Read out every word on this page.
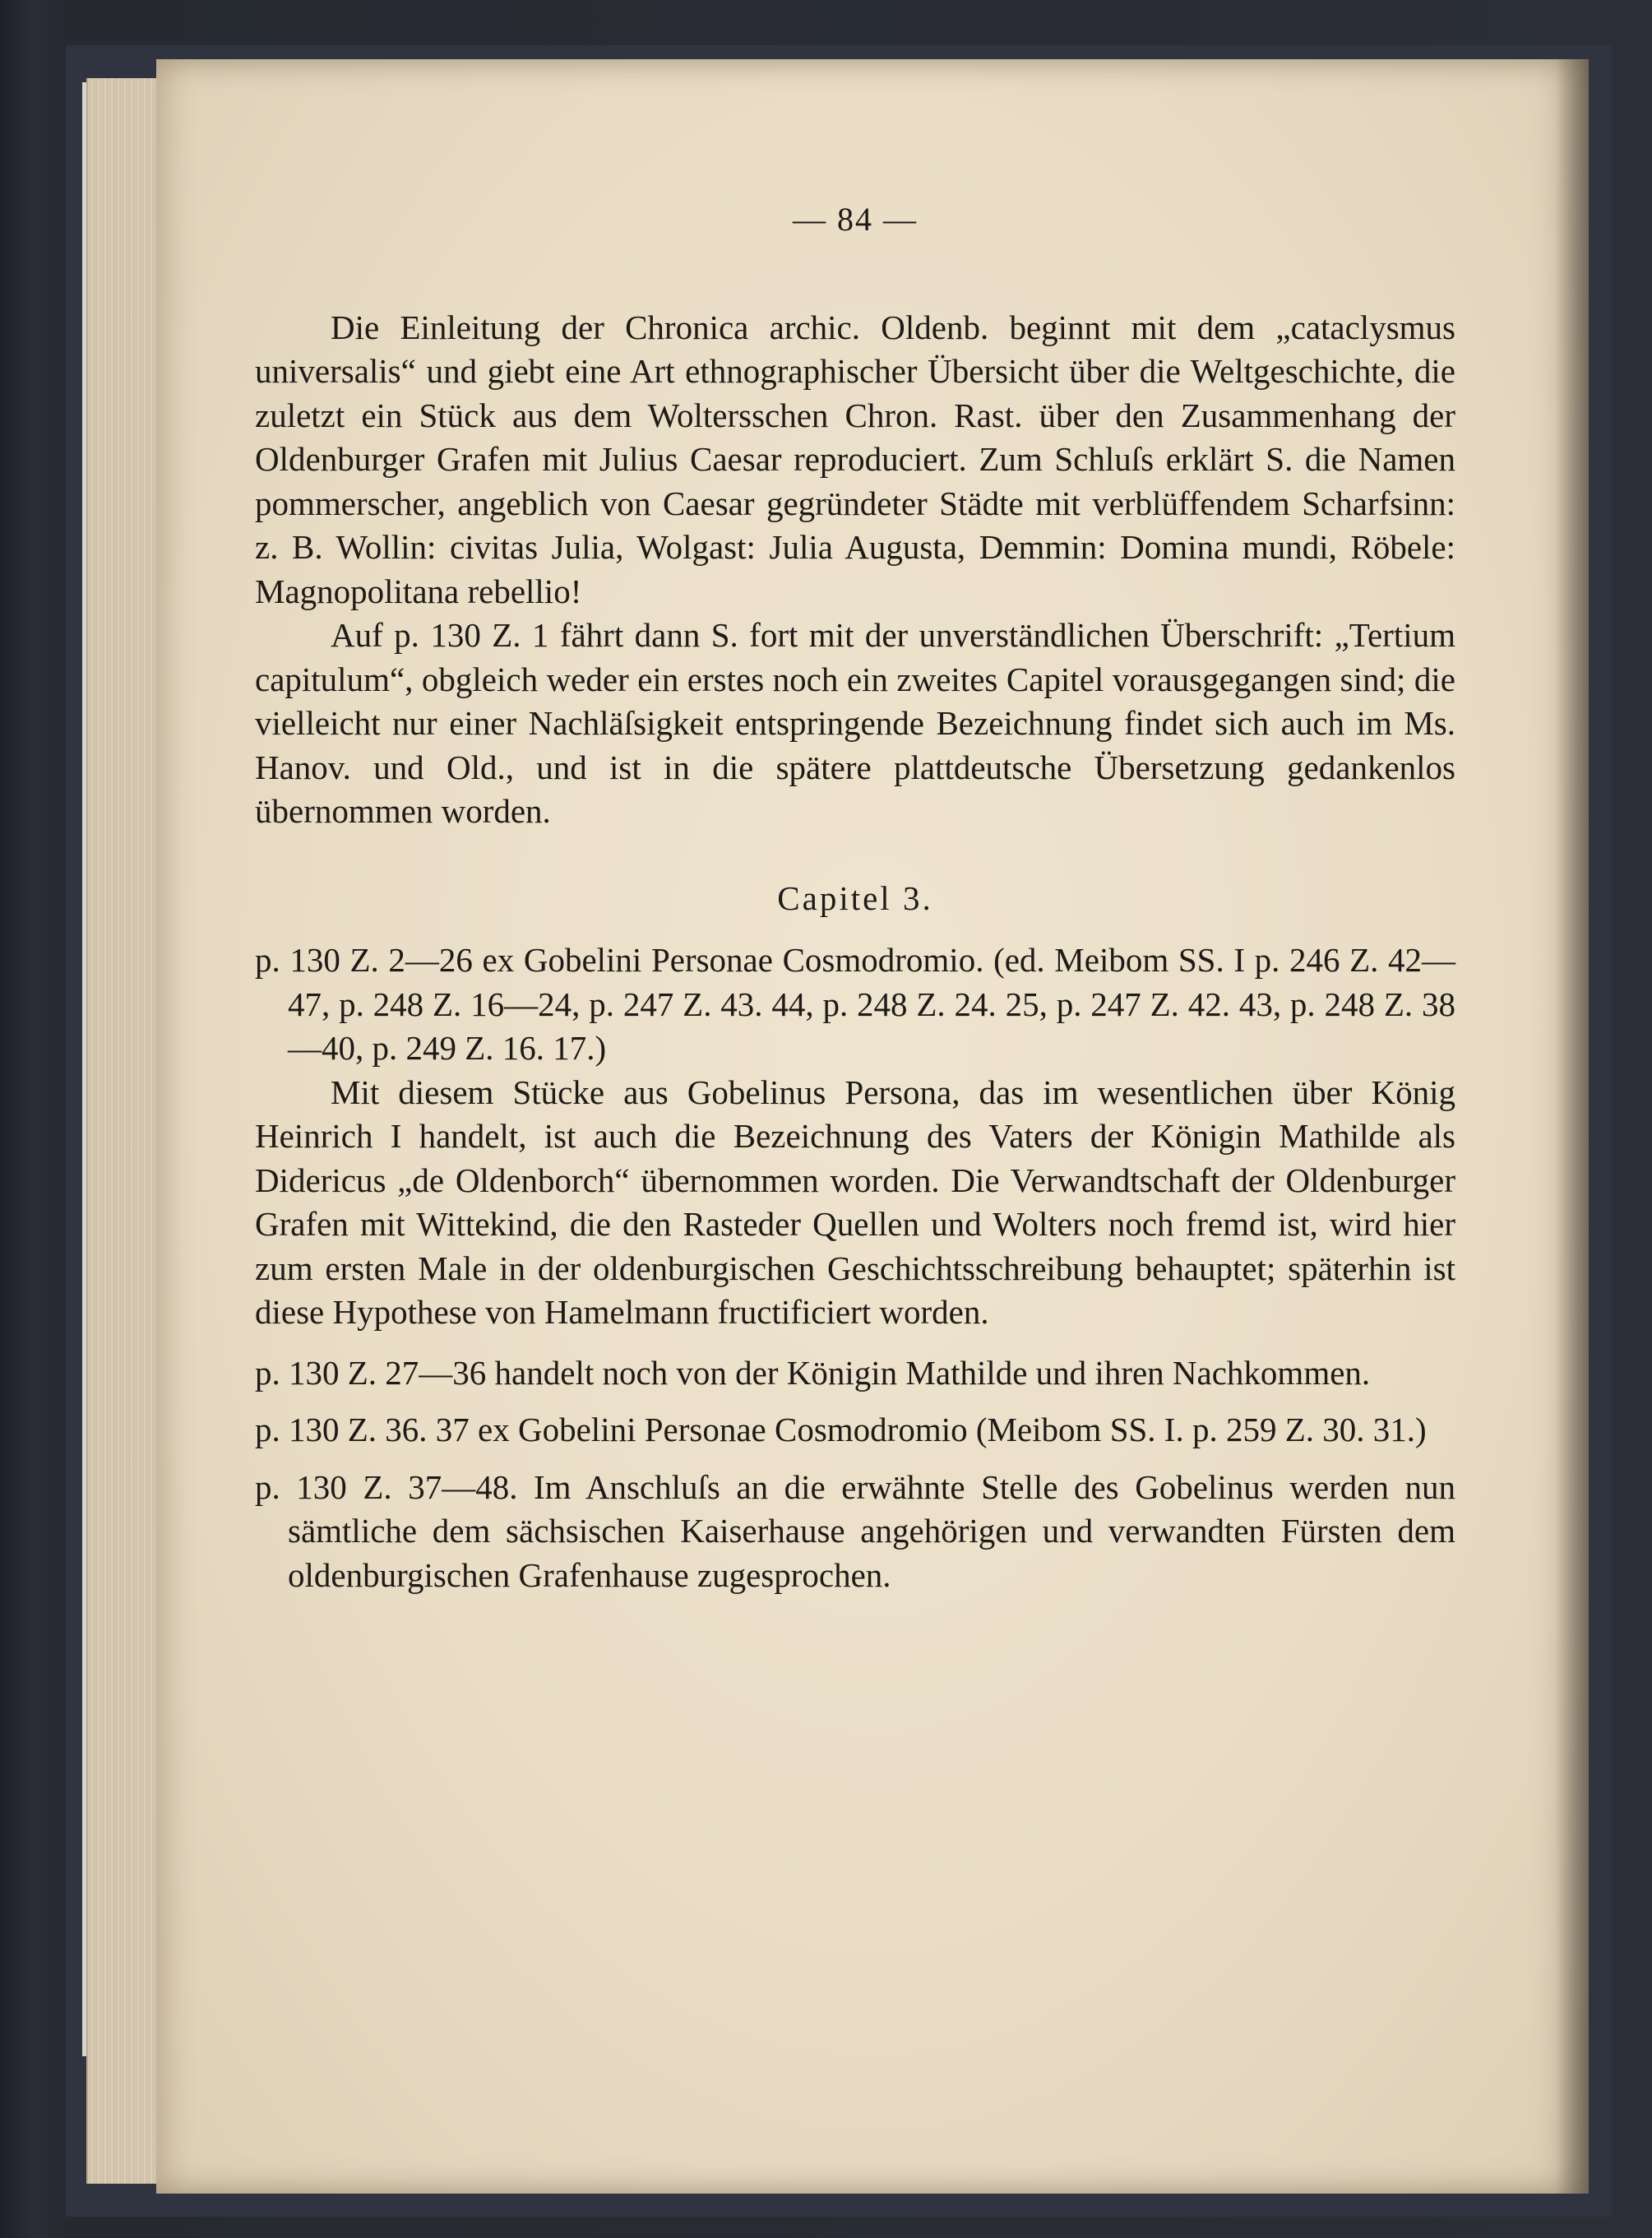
— 84 —

Die Einleitung der Chronica archic. Oldenb. beginnt mit dem „cataclysmus universalis“ und giebt eine Art ethnographischer Übersicht über die Weltgeschichte, die zuletzt ein Stück aus dem Woltersschen Chron. Rast. über den Zusammenhang der Oldenburger Grafen mit Julius Caesar reproduciert. Zum Schluſs erklärt S. die Namen pommerscher, angeblich von Caesar gegründeter Städte mit verblüffendem Scharfsinn: z. B. Wollin: civitas Julia, Wolgast: Julia Augusta, Demmin: Domina mundi, Röbele: Magnopolitana rebellio!

Auf p. 130 Z. 1 fährt dann S. fort mit der unverständlichen Überschrift: „Tertium capitulum“, obgleich weder ein erstes noch ein zweites Capitel vorausgegangen sind; die vielleicht nur einer Nachläſsigkeit entspringende Bezeichnung findet sich auch im Ms. Hanov. und Old., und ist in die spätere plattdeutsche Übersetzung gedankenlos übernommen worden.

Capitel 3.
p. 130 Z. 2—26 ex Gobelini Personae Cosmodromio. (ed. Meibom SS. I p. 246 Z. 42—47, p. 248 Z. 16—24, p. 247 Z. 43. 44, p. 248 Z. 24. 25, p. 247 Z. 42. 43, p. 248 Z. 38—40, p. 249 Z. 16. 17.)

Mit diesem Stücke aus Gobelinus Persona, das im wesentlichen über König Heinrich I handelt, ist auch die Bezeichnung des Vaters der Königin Mathilde als Didericus „de Oldenborch“ übernommen worden. Die Verwandtschaft der Oldenburger Grafen mit Wittekind, die den Rasteder Quellen und Wolters noch fremd ist, wird hier zum ersten Male in der oldenburgischen Geschichtsschreibung behauptet; späterhin ist diese Hypothese von Hamelmann fructificiert worden.

p. 130 Z. 27—36 handelt noch von der Königin Mathilde und ihren Nachkommen.
p. 130 Z. 36. 37 ex Gobelini Personae Cosmodromio (Meibom SS. I. p. 259 Z. 30. 31.)
p. 130 Z. 37—48. Im Anschluſs an die erwähnte Stelle des Gobelinus werden nun sämtliche dem sächsischen Kaiserhause angehörigen und verwandten Fürsten dem oldenburgischen Grafenhause zugesprochen.
